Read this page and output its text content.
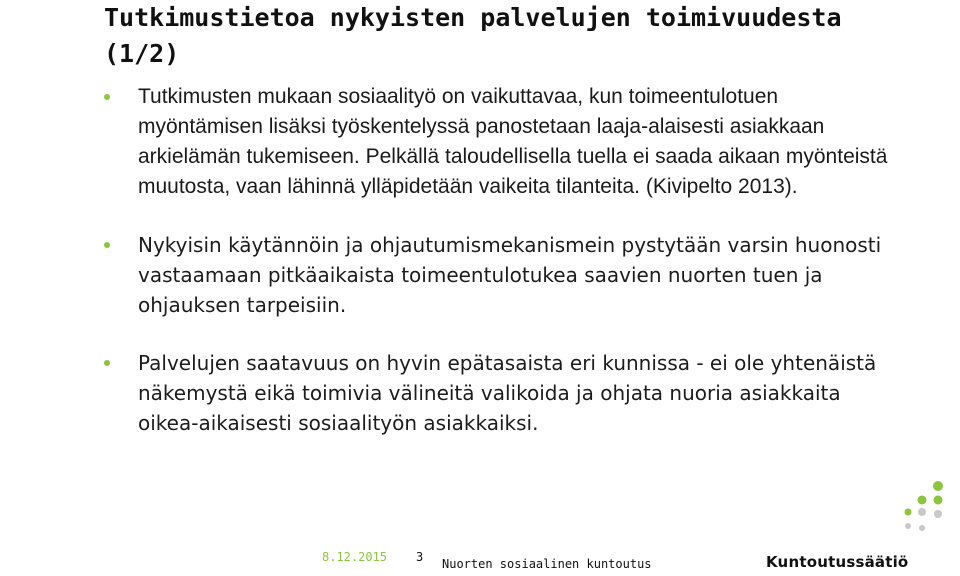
Tutkimustietoa nykyisten palvelujen toimivuudesta (1/2)
Tutkimusten mukaan sosiaalityö on vaikuttavaa, kun toimeentulotuen myöntämisen lisäksi työskentelyssä panostetaan laaja-alaisesti asiakkaan arkielämän tukemiseen. Pelkällä taloudellisella tuella ei saada aikaan myönteistä muutosta, vaan lähinnä ylläpidetään vaikeita tilanteita. (Kivipelto 2013).
Nykyisin käytännöin ja ohjautumismekanismein pystytään varsin huonosti vastaamaan pitkäaikaista toimeentulotukea saavien nuorten tuen ja ohjauksen tarpeisiin.
Palvelujen saatavuus on hyvin epätasaista eri kunnissa - ei ole yhtenäistä näkemystä eikä toimivia välineitä valikoida ja ohjata nuoria asiakkaita oikea-aikaisesti sosiaalityön asiakkaiksi.
8.12.2015 3 Nuorten sosiaalinen kuntoutus	Kuntoutussäätiö
